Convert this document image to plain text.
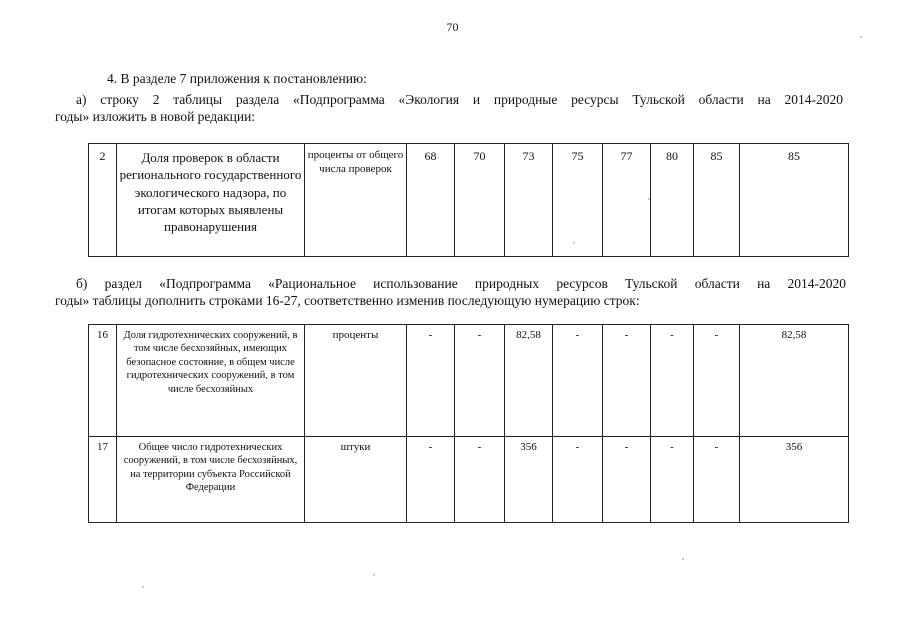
70
4. В разделе 7 приложения к постановлению:
а) строку 2 таблицы раздела «Подпрограмма «Экология и природные ресурсы Тульской области на 2014-2020
годы» изложить в новой редакции:
2	Доля проверок в области регионального государственного экологического надзора, по итогам которых выявлены правонарушения	проценты от общего числа проверок	68	70	73	75	77	80	85	85
б) раздел «Подпрограмма «Рациональное использование природных ресурсов Тульской области на 2014-2020
годы» таблицы дополнить строками 16-27, соответственно изменив последующую нумерацию строк:
16	Доля гидротехнических сооружений, в том числе бесхозяйных, имеющих безопасное состояние, в общем числе гидротехнических сооружений, в том числе бесхозяйных	проценты	-	-	82,58	-	-	-	-	82,58
17	Общее число гидротехнических сооружений, в том числе бесхозяйных, на территории субъекта Российской Федерации	штуки	-	-	356	-	-	-	-	356
